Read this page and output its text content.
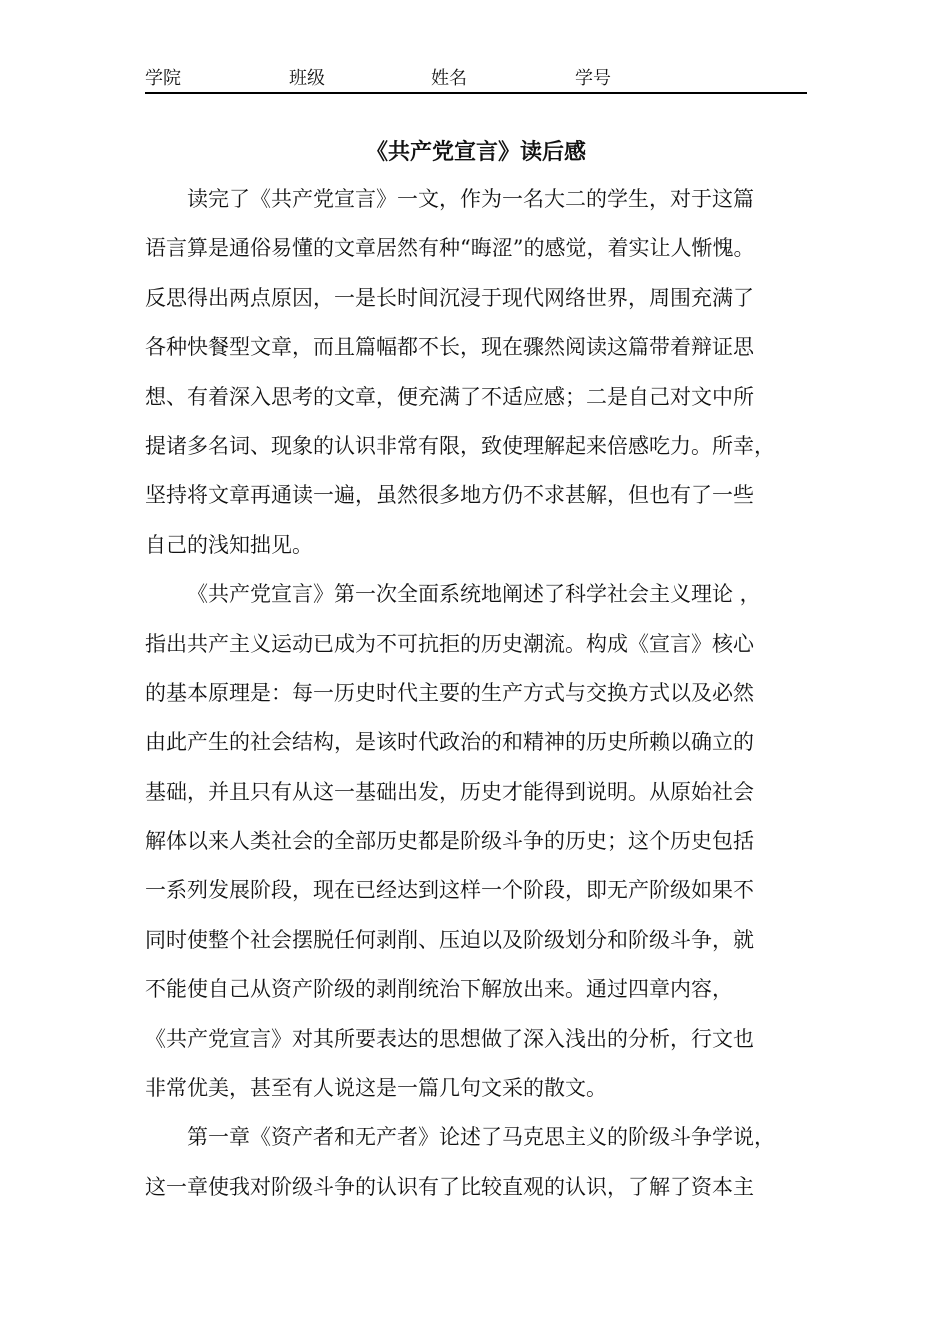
学院	班级	姓名	学号
《共产党宣言》读后感
读完了《共产党宣言》一文，作为一名大二的学生，对于这篇
语言算是通俗易懂的文章居然有种“晦涩”的感觉，着实让人惭愧。
反思得出两点原因，一是长时间沉浸于现代网络世界，周围充满了
各种快餐型文章，而且篇幅都不长，现在骤然阅读这篇带着辩证思
想、有着深入思考的文章，便充满了不适应感；二是自己对文中所
提诸多名词、现象的认识非常有限，致使理解起来倍感吃力。所幸，
坚持将文章再通读一遍，虽然很多地方仍不求甚解，但也有了一些
自己的浅知拙见。
《共产党宣言》第一次全面系统地阐述了科学社会主义理论 ，
指出共产主义运动已成为不可抗拒的历史潮流。构成《宣言》核心
的基本原理是：每一历史时代主要的生产方式与交换方式以及必然
由此产生的社会结构，是该时代政治的和精神的历史所赖以确立的
基础，并且只有从这一基础出发，历史才能得到说明。从原始社会
解体以来人类社会的全部历史都是阶级斗争的历史；这个历史包括
一系列发展阶段，现在已经达到这样一个阶段，即无产阶级如果不
同时使整个社会摆脱任何剥削、压迫以及阶级划分和阶级斗争，就
不能使自己从资产阶级的剥削统治下解放出来。通过四章内容，
《共产党宣言》对其所要表达的思想做了深入浅出的分析，行文也
非常优美，甚至有人说这是一篇几句文采的散文。
第一章《资产者和无产者》论述了马克思主义的阶级斗争学说，
这一章使我对阶级斗争的认识有了比较直观的认识，了解了资本主
